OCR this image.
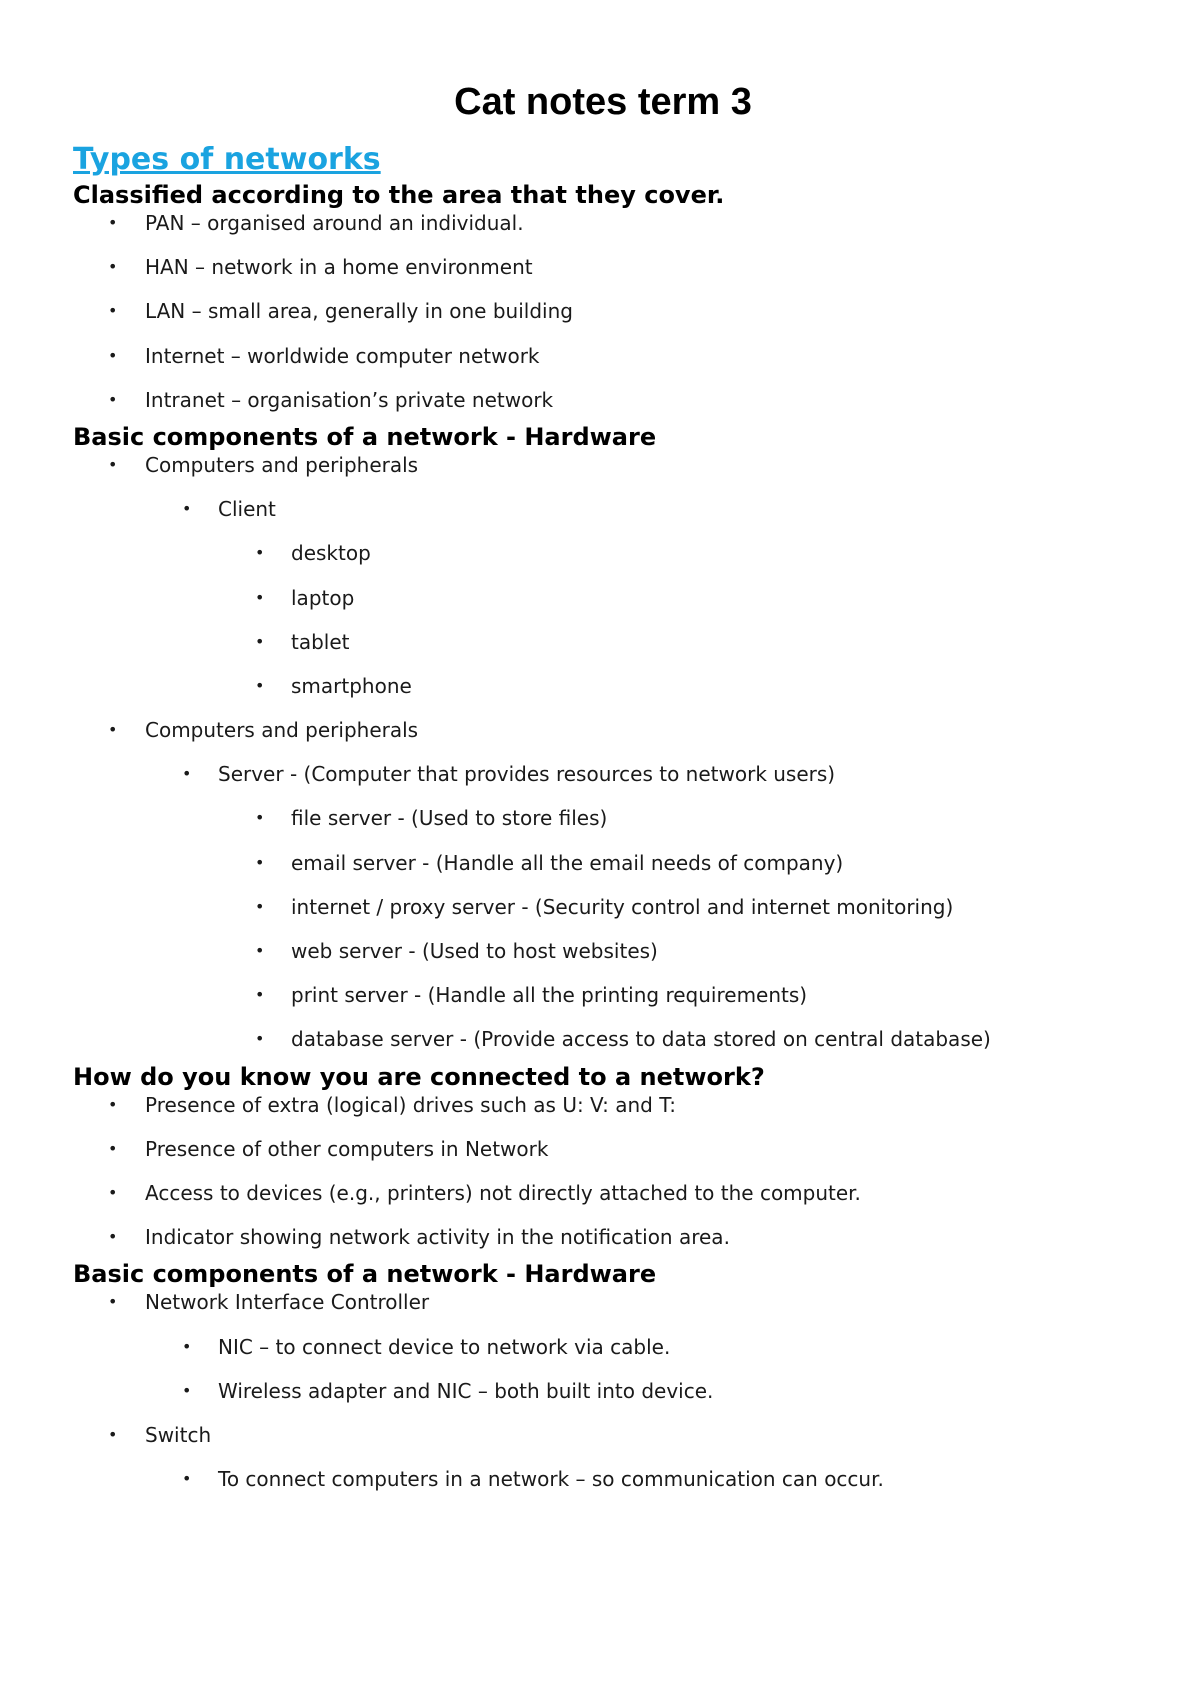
Cat notes term 3
Types of networks
Classified according to the area that they cover.
• PAN – organised around an individual.
• HAN – network in a home environment
• LAN – small area, generally in one building
• Internet – worldwide computer network
• Intranet – organisation’s private network
Basic components of a network - Hardware
• Computers and peripherals
• Client
• desktop
• laptop
• tablet
• smartphone
• Computers and peripherals
• Server - (Computer that provides resources to network users)
• file server - (Used to store files)
• email server - (Handle all the email needs of company)
• internet / proxy server - (Security control and internet monitoring)
• web server - (Used to host websites)
• print server - (Handle all the printing requirements)
• database server - (Provide access to data stored on central database)
How do you know you are connected to a network?
• Presence of extra (logical) drives such as U: V: and T:
• Presence of other computers in Network
• Access to devices (e.g., printers) not directly attached to the computer.
• Indicator showing network activity in the notification area.
Basic components of a network - Hardware
• Network Interface Controller
• NIC – to connect device to network via cable.
• Wireless adapter and NIC – both built into device.
• Switch
• To connect computers in a network – so communication can occur.
